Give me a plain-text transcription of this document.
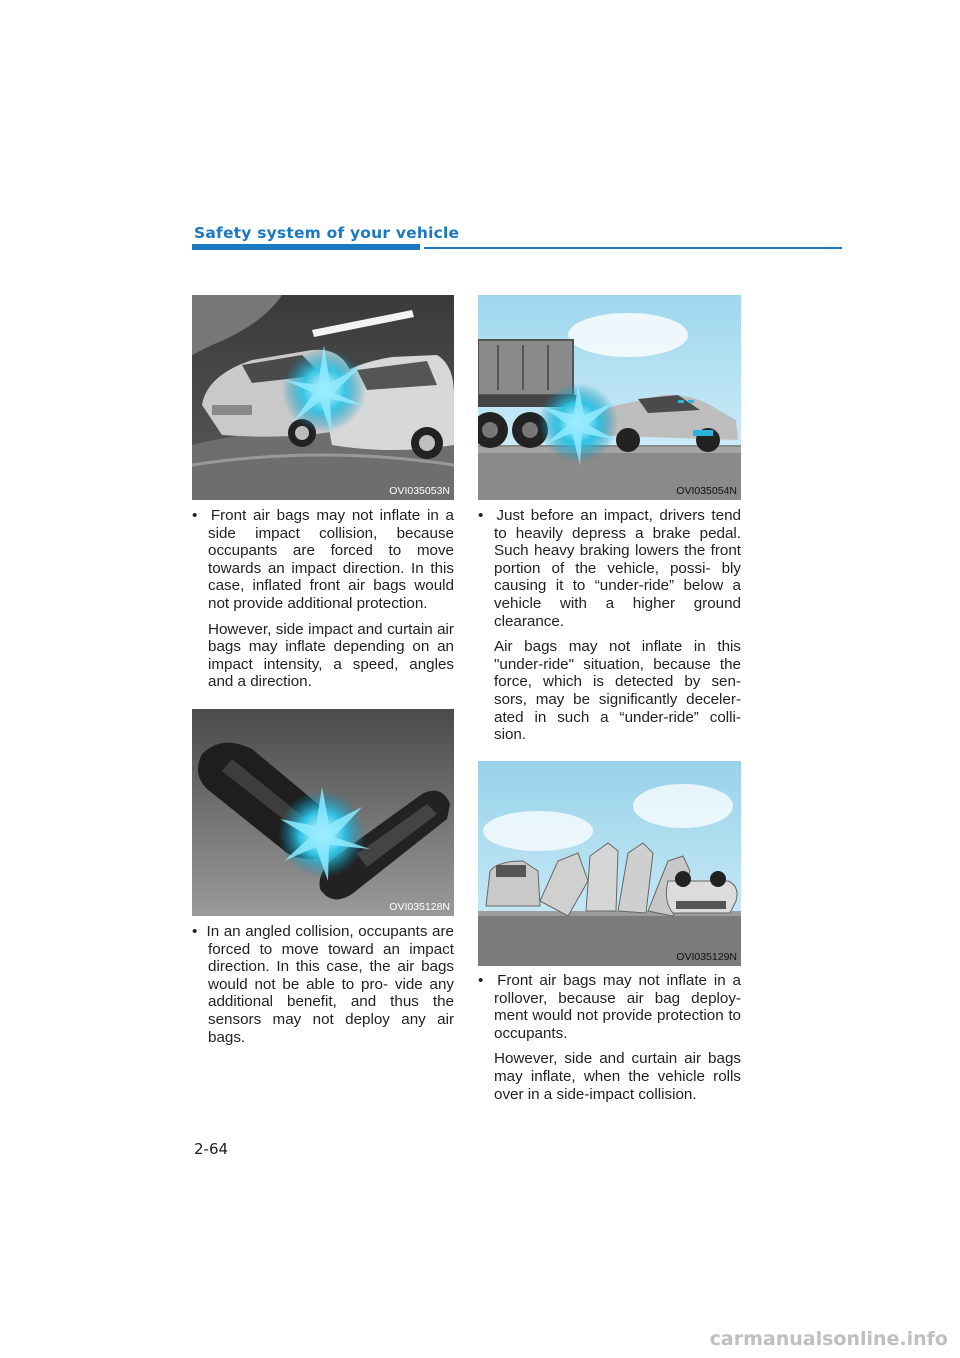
Safety system of your vehicle
OVI035053N	OVI035054N

•  Front air bags may not inflate in a side impact collision, because occupants are forced to move towards an impact direction. In this case, inflated front air bags would not provide additional protection.

However, side impact and curtain air bags may inflate depending on an impact intensity, a speed, angles and a direction.

•  Just before an impact, drivers tend to heavily depress a brake pedal. Such heavy braking lowers the front portion of the vehicle, possi- bly causing it to “under-ride” below a vehicle with a higher ground clearance.

Air bags may not inflate in this "under-ride" situation, because the force, which is detected by sen- sors, may be significantly deceler- ated in such a “under-ride” colli- sion.

OVI035128N
OVI035129N

•  In an angled collision, occupants are forced to move toward an impact direction. In this case, the air bags would not be able to pro- vide any additional benefit, and thus the sensors may not deploy any air bags.

•  Front air bags may not inflate in a rollover, because air bag deploy- ment would not provide protection to occupants.

However, side and curtain air bags may inflate, when the vehicle rolls over in a side-impact collision.

2-64
carmanualsonline.info
